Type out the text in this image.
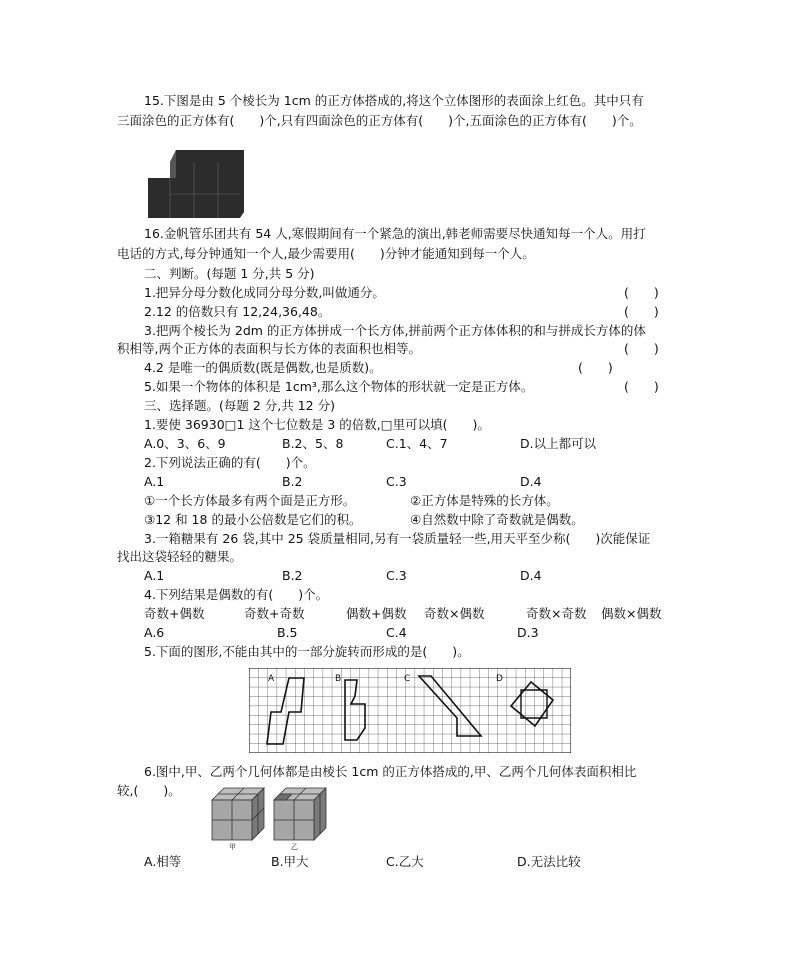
15.下图是由 5 个棱长为 1cm 的正方体搭成的,将这个立体图形的表面涂上红色。其中只有
三面涂色的正方体有(　　)个,只有四面涂色的正方体有(　　)个,五面涂色的正方体有(　　)个。
16.金帆管乐团共有 54 人,寒假期间有一个紧急的演出,韩老师需要尽快通知每一个人。用打
电话的方式,每分钟通知一个人,最少需要用(　　)分钟才能通知到每一个人。
二、判断。(每题 1 分,共 5 分)
1.把异分母分数化成同分母分数,叫做通分。	(　　)
2.12 的倍数只有 12,24,36,48。	(　　)
3.把两个棱长为 2dm 的正方体拼成一个长方体,拼前两个正方体体积的和与拼成长方体的体
积相等,两个正方体的表面积与长方体的表面积也相等。	(　　)
4.2 是唯一的偶质数(既是偶数,也是质数)。	(　　)
5.如果一个物体的体积是 1cm³,那么这个物体的形状就一定是正方体。	(　　)
三、选择题。(每题 2 分,共 12 分)
1.要使 36930□1 这个七位数是 3 的倍数,□里可以填(　　)。
A.0、3、6、9	B.2、5、8	C.1、4、7	D.以上都可以
2.下列说法正确的有(　　)个。
A.1	B.2	C.3	D.4
①一个长方体最多有两个面是正方形。	②正方体是特殊的长方体。
③12 和 18 的最小公倍数是它们的积。	④自然数中除了奇数就是偶数。
3.一箱糖果有 26 袋,其中 25 袋质量相同,另有一袋质量轻一些,用天平至少称(　　)次能保证
找出这袋轻轻的糖果。
A.1	B.2	C.3	D.4
4.下列结果是偶数的有(　　)个。
奇数+偶数	奇数+奇数	偶数+偶数 奇数×偶数	奇数×奇数 偶数×偶数
A.6	B.5	C.4	D.3
5.下面的图形,不能由其中的一部分旋转而形成的是(　　)。
A	B	C	D
6.图中,甲、乙两个几何体都是由棱长 1cm 的正方体搭成的,甲、乙两个几何体表面积相比
较,(　　)。
甲	乙
A.相等	B.甲大	C.乙大	D.无法比较
